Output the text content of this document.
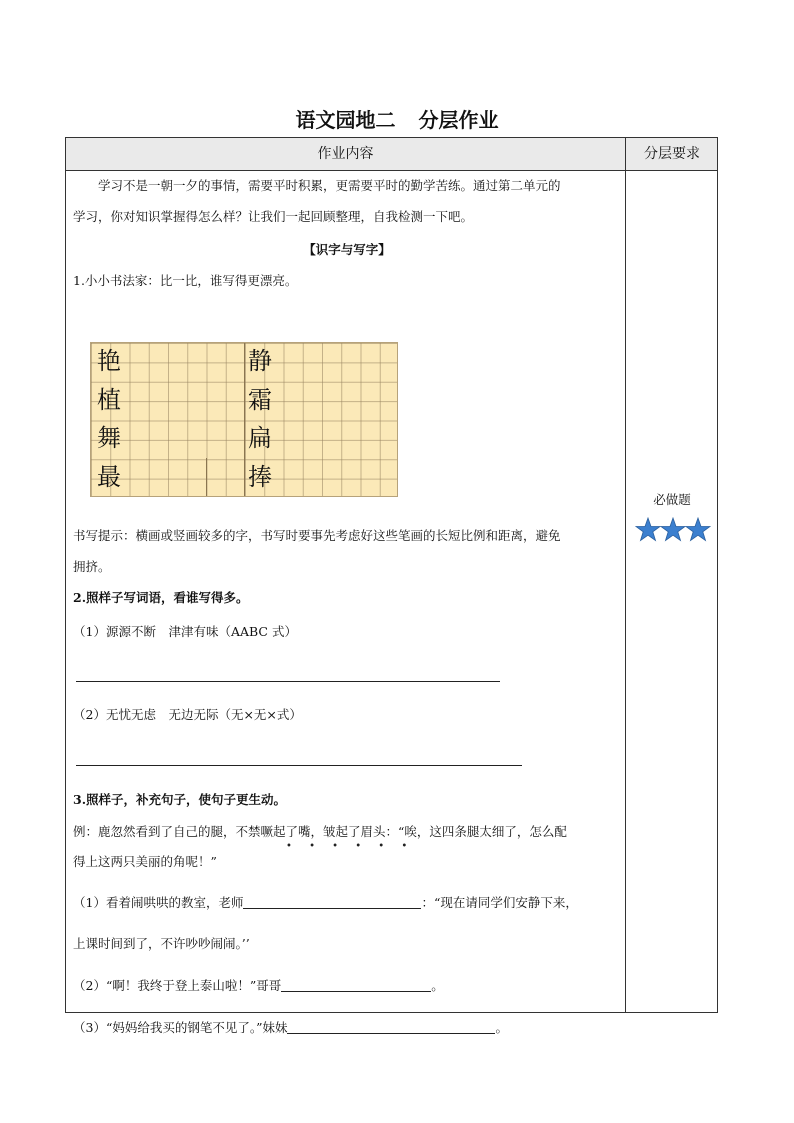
语文园地二 分层作业
作业内容	分层要求
学习不是一朝一夕的事情，需要平时积累，更需要平时的勤学苦练。通过第二单元的
学习，你对知识掌握得怎么样？让我们一起回顾整理，自我检测一下吧。
【识字与写字】
1.小小书法家：比一比，谁写得更漂亮。
艳
植
舞
最
静
霜
扁
捧
书写提示：横画或竖画较多的字，书写时要事先考虑好这些笔画的长短比例和距离，避免
拥挤。
2.照样子写词语，看谁写得多。
（1）源源不断　津津有味（AABC 式）
（2）无忧无虑　无边无际（无×无×式）
3.照样子，补充句子，使句子更生动。
例：鹿忽然看到了自己的腿，不禁噘起了嘴，皱起了眉头：“唉，这四条腿太细了，怎么配
• • • • • •
得上这两只美丽的角呢！”
（1）看着闹哄哄的教室，老师	：“现在请同学们安静下来，
上课时间到了，不许吵吵闹闹。’’
（2）“啊！我终于登上泰山啦！”哥哥	。
（3）“妈妈给我买的钢笔不见了。”妹妹	。
必做题
